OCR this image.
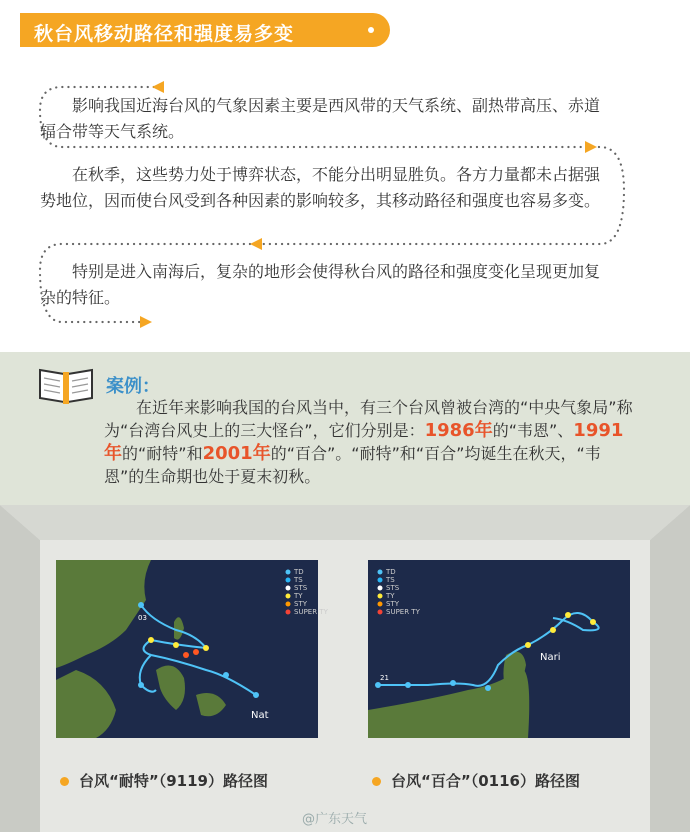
秋台风移动路径和强度易多变

影响我国近海台风的气象因素主要是西风带的天气系统、副热带高压、赤道辐合带等天气系统。

在秋季，这些势力处于博弈状态，不能分出明显胜负。各方力量都未占据强势地位，因而使台风受到各种因素的影响较多，其移动路径和强度也容易多变。

特别是进入南海后，复杂的地形会使得秋台风的路径和强度变化呈现更加复杂的特征。

案例：
在近年来影响我国的台风当中，有三个台风曾被台湾的“中央气象局”称为“台湾台风史上的三大怪台”，它们分别是：1986年的“韦恩”、1991年的“耐特”和2001年的“百合”。“耐特”和“百合”均诞生在秋天，“韦恩”的生命期也处于夏末初秋。
TD
TS
STS
TY
STY
SUPER TY
03
Nat
TD
TS
STS
TY
STY
SUPER TY
21
Nari
台风“耐特”（9119）路径图	台风“百合”（0116）路径图
@广东天气
